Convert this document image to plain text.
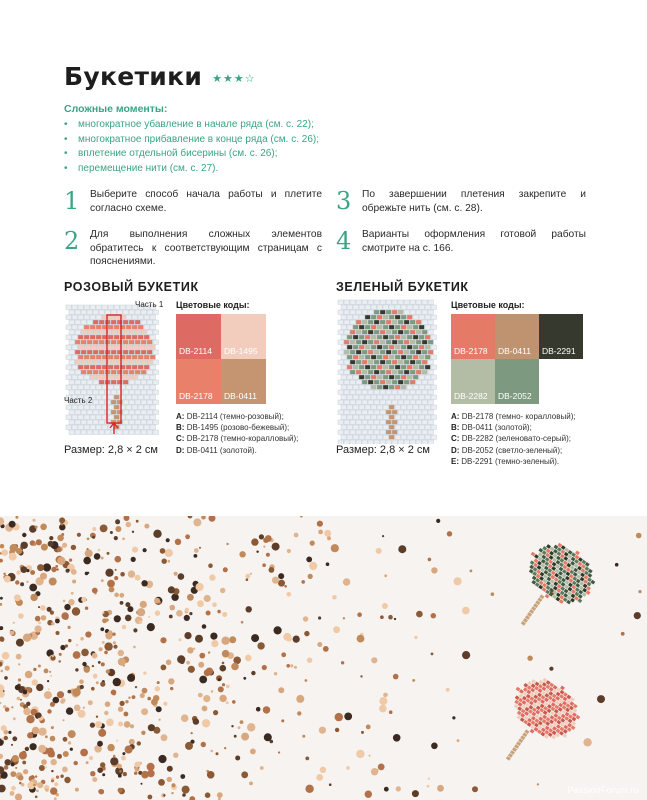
Букетики ★★★☆
Сложные моменты:
• многократное убавление в начале ряда (см. с. 22);
• многократное прибавление в конце ряда (см. с. 26);
• вплетение отдельной бисерины (см. с. 26);
• перемещение нити (см. с. 27).
1	Выберите способ начала работы и плетите согласно схеме.
2	Для выполнения сложных элементов обратитесь к соответствующим страницам с пояснениями.
3	По завершении плетения закрепите и обрежьте нить (см. с. 28).
4	Варианты оформления готовой работы смотрите на с. 166.
РОЗОВЫЙ БУКЕТИК
Часть 1
Часть 2
Размер: 2,8 × 2 см
Цветовые коды:
DB-2114 DB-1495
DB-2178 DB-0411
A: DB-2114 (темно-розовый);
B: DB-1495 (розово-бежевый);
C: DB-2178 (темно-коралловый);
D: DB-0411 (золотой).
ЗЕЛЕНЫЙ БУКЕТИК
Размер: 2,8 × 2 см
Цветовые коды:
DB-2178 DB-0411 DB-2291
DB-2282 DB-2052
A: DB-2178 (темно- коралловый);
B: DB-0411 (золотой);
C: DB-2282 (зеленовато-серый);
D: DB-2052 (светло-зеленый);
E: DB-2291 (темно-зеленый).
PassionForum.ru
